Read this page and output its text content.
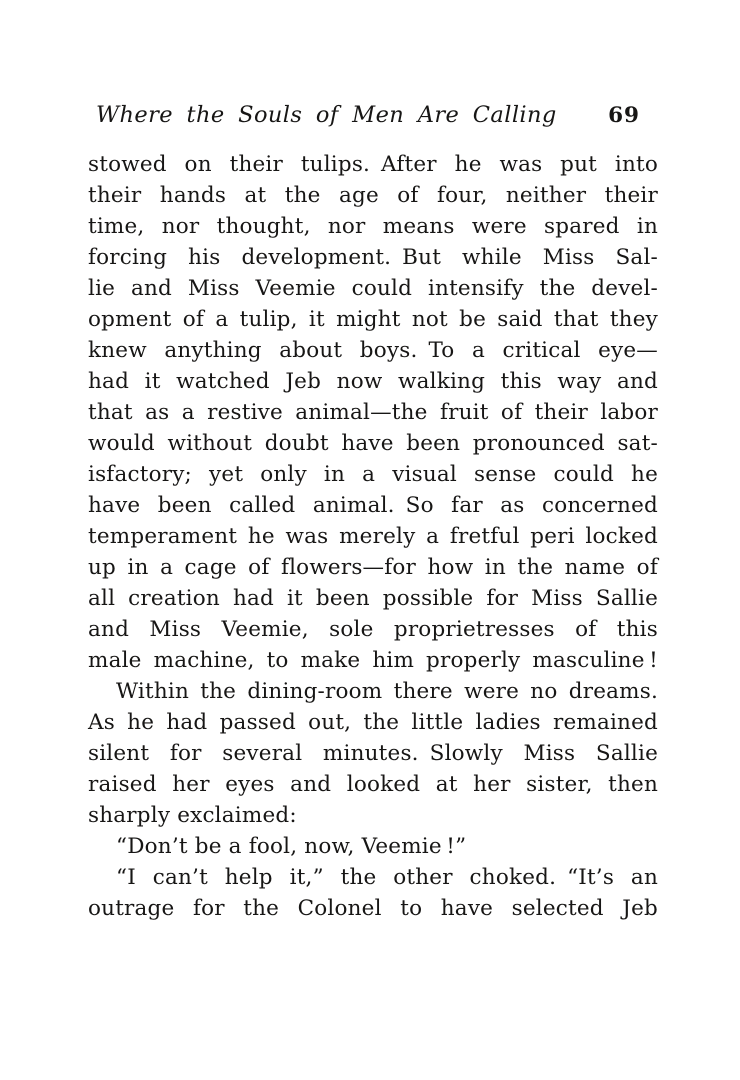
Where the Souls of Men Are Calling 69
stowed on their tulips. After he was put into
their hands at the age of four, neither their
time, nor thought, nor means were spared in
forcing his development. But while Miss Sal-
lie and Miss Veemie could intensify the devel-
opment of a tulip, it might not be said that they
knew anything about boys. To a critical eye—
had it watched Jeb now walking this way and
that as a restive animal—the fruit of their labor
would without doubt have been pronounced sat-
isfactory; yet only in a visual sense could he
have been called animal. So far as concerned
temperament he was merely a fretful peri locked
up in a cage of flowers—for how in the name of
all creation had it been possible for Miss Sallie
and Miss Veemie, sole proprietresses of this
male machine, to make him properly masculine !
Within the dining-room there were no dreams.
As he had passed out, the little ladies remained
silent for several minutes. Slowly Miss Sallie
raised her eyes and looked at her sister, then
sharply exclaimed:
“Don’t be a fool, now, Veemie !”
“I can’t help it,” the other choked. “It’s an
outrage for the Colonel to have selected Jeb
